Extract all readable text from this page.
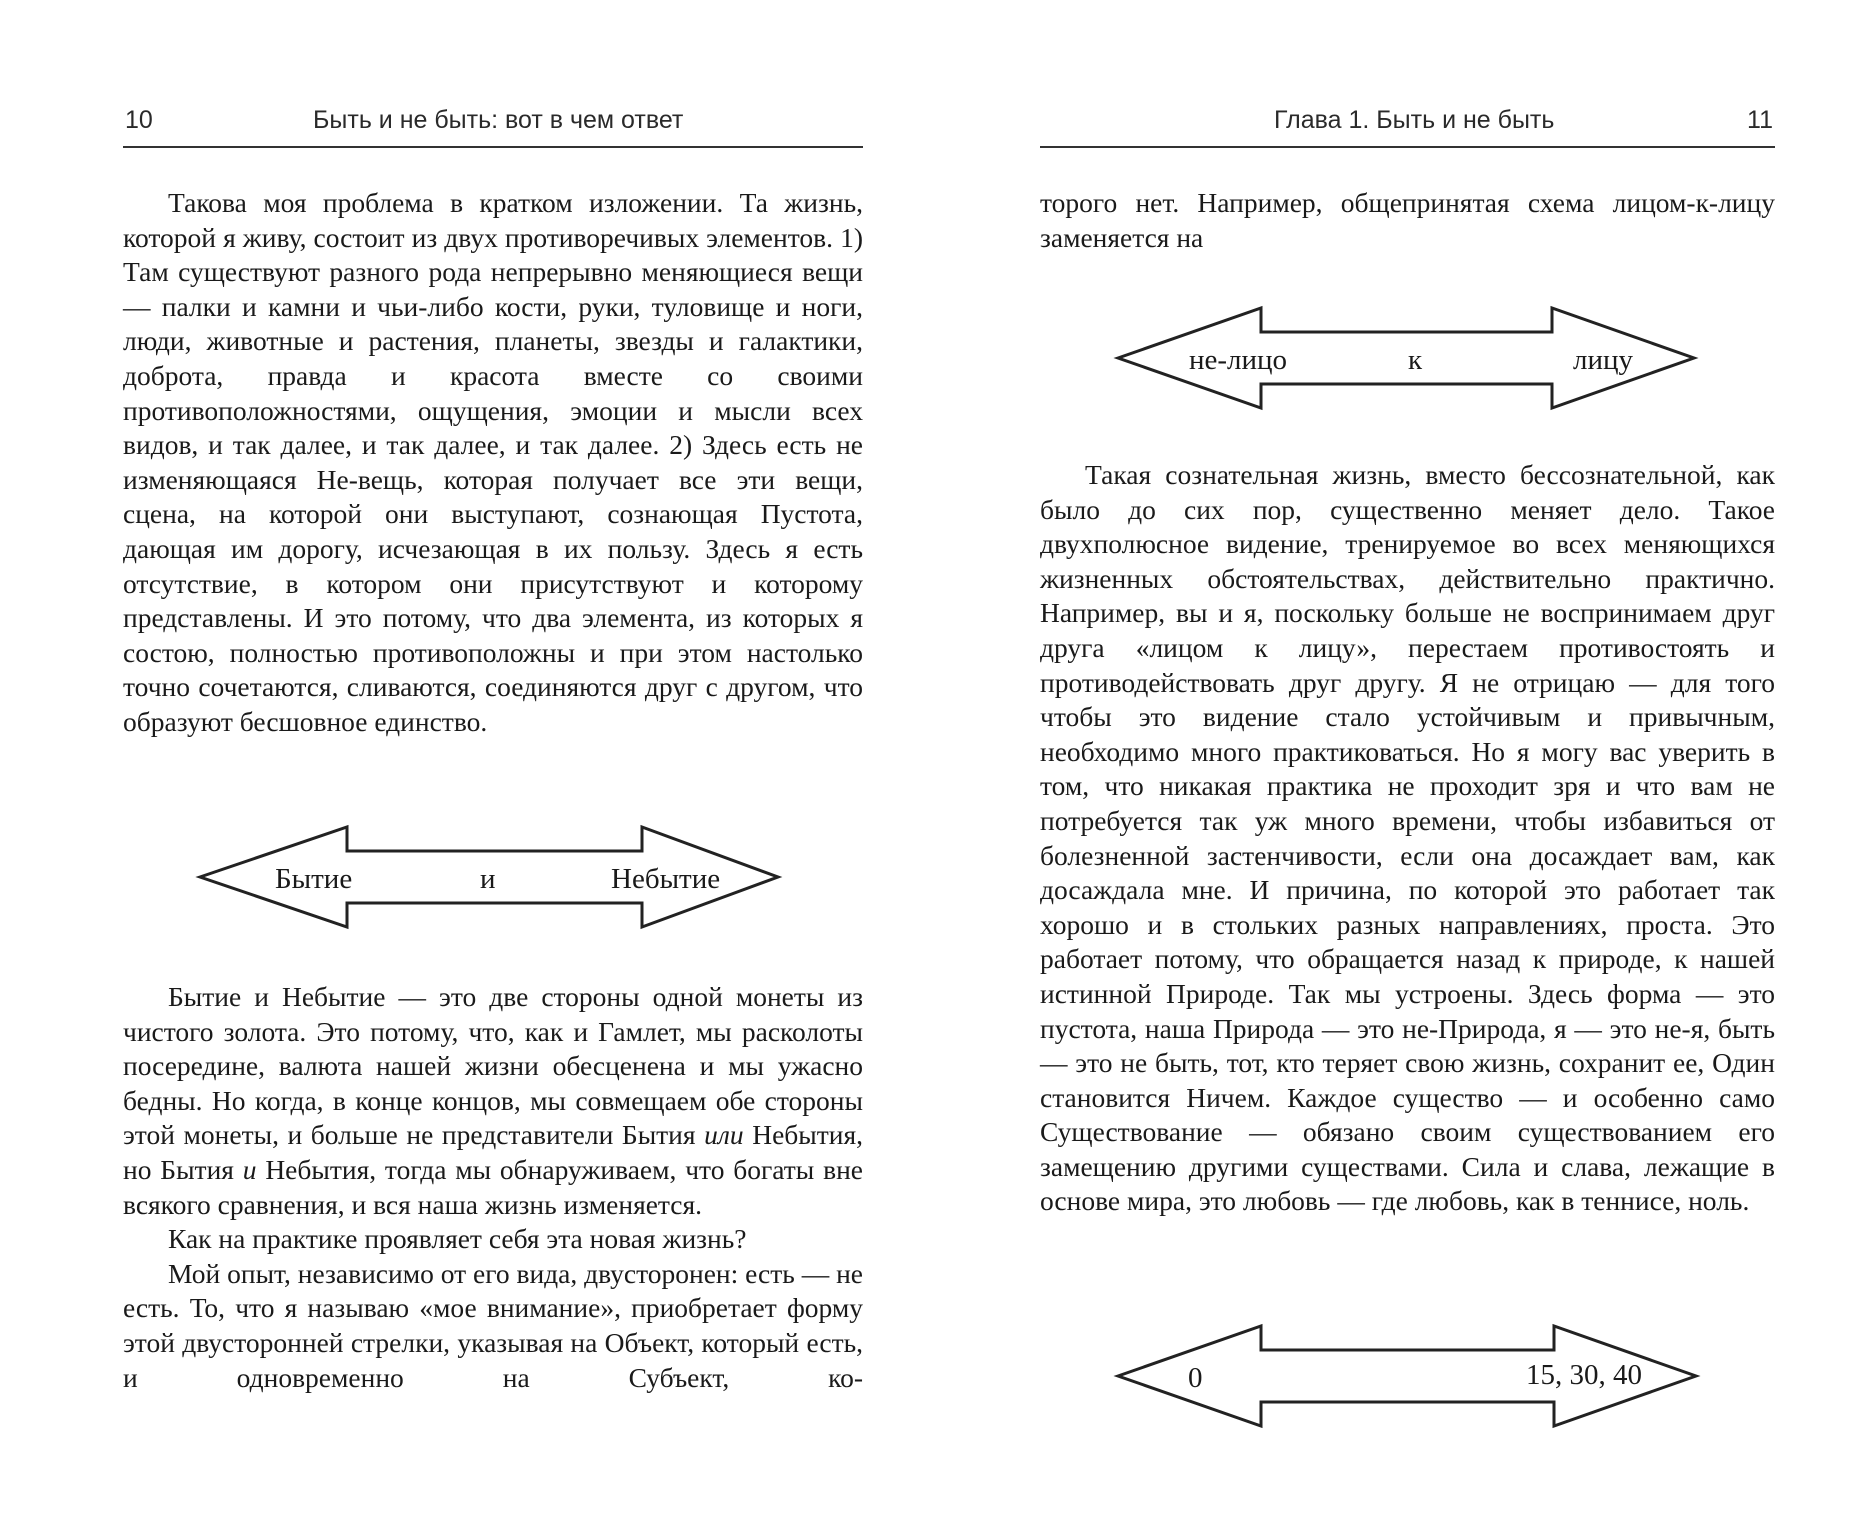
10	Быть и не быть: вот в чем ответ

Такова моя проблема в кратком изложении. Та жизнь, которой я живу, состоит из двух противоречивых элементов. 1) Там существуют разного рода непрерывно меняющиеся вещи — палки и камни и чьи-либо кости, руки, туловище и ноги, люди, животные и растения, планеты, звезды и галактики, доброта, правда и красота вместе со своими противоположностями, ощущения, эмоции и мысли всех видов, и так далее, и так далее, и так далее. 2) Здесь есть не изменяющаяся Не-вещь, которая получает все эти вещи, сцена, на которой они выступают, сознающая Пустота, дающая им дорогу, исчезающая в их пользу. Здесь я есть отсутствие, в котором они присутствуют и которому представлены. И это потому, что два элемента, из которых я состою, полностью противоположны и при этом настолько точно сочетаются, сливаются, соединяются друг с другом, что образуют бесшовное единство.

Бытие	и	Небытие

Бытие и Небытие — это две стороны одной монеты из чистого золота. Это потому, что, как и Гамлет, мы расколоты посередине, валюта нашей жизни обесценена и мы ужасно бедны. Но когда, в конце концов, мы совмещаем обе стороны этой монеты, и больше не представители Бытия или Небытия, но Бытия и Небытия, тогда мы обнаруживаем, что богаты вне всякого сравнения, и вся наша жизнь изменяется.

Как на практике проявляет себя эта новая жизнь?

Мой опыт, независимо от его вида, двусторонен: есть — не есть. То, что я называю «мое внимание», приобретает форму этой двусторонней стрелки, указывая на Объект, который есть, и одновременно на Субъект, ко-

Глава 1. Быть и не быть	11

торого нет. Например, общепринятая схема лицом-к-лицу заменяется на

не-лицо	к	лицу

Такая сознательная жизнь, вместо бессознательной, как было до сих пор, существенно меняет дело. Такое двухполюсное видение, тренируемое во всех меняющихся жизненных обстоятельствах, действительно практично. Например, вы и я, поскольку больше не воспринимаем друг друга «лицом к лицу», перестаем противостоять и противодействовать друг другу. Я не отрицаю — для того чтобы это видение стало устойчивым и привычным, необходимо много практиковаться. Но я могу вас уверить в том, что никакая практика не проходит зря и что вам не потребуется так уж много времени, чтобы избавиться от болезненной застенчивости, если она досаждает вам, как досаждала мне. И причина, по которой это работает так хорошо и в стольких разных направлениях, проста. Это работает потому, что обращается назад к природе, к нашей истинной Природе. Так мы устроены. Здесь форма — это пустота, наша Природа — это не-Природа, я — это не-я, быть — это не быть, тот, кто теряет свою жизнь, сохранит ее, Один становится Ничем. Каждое существо — и особенно само Существование — обязано своим существованием его замещению другими существами. Сила и слава, лежащие в основе мира, это любовь — где любовь, как в теннисе, ноль.

0	15, 30, 40
